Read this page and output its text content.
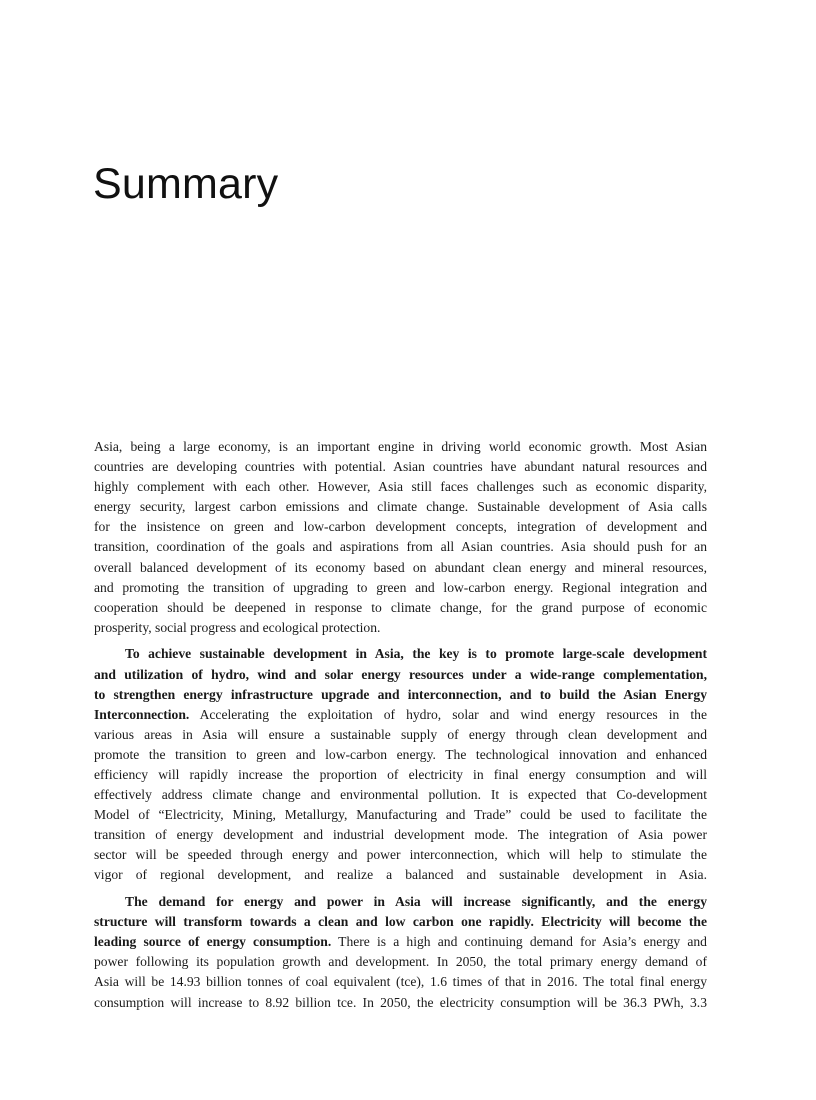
Summary
Asia, being a large economy, is an important engine in driving world economic growth. Most Asian
countries are developing countries with potential. Asian countries have abundant natural resources and
highly complement with each other. However, Asia still faces challenges such as economic disparity,
energy security, largest carbon emissions and climate change. Sustainable development of Asia calls
for the insistence on green and low-carbon development concepts, integration of development and
transition, coordination of the goals and aspirations from all Asian countries. Asia should push for an
overall balanced development of its economy based on abundant clean energy and mineral resources,
and promoting the transition of upgrading to green and low-carbon energy. Regional integration and
cooperation should be deepened in response to climate change, for the grand purpose of economic
prosperity, social progress and ecological protection.
To achieve sustainable development in Asia, the key is to promote large-scale development
and utilization of hydro, wind and solar energy resources under a wide-range complementation,
to strengthen energy infrastructure upgrade and interconnection, and to build the Asian Energy
Interconnection. Accelerating the exploitation of hydro, solar and wind energy resources in the
various areas in Asia will ensure a sustainable supply of energy through clean development and
promote the transition to green and low-carbon energy. The technological innovation and enhanced
efficiency will rapidly increase the proportion of electricity in final energy consumption and will
effectively address climate change and environmental pollution. It is expected that Co-development
Model of “Electricity, Mining, Metallurgy, Manufacturing and Trade” could be used to facilitate the
transition of energy development and industrial development mode. The integration of Asia power
sector will be speeded through energy and power interconnection, which will help to stimulate the
vigor of regional development, and realize a balanced and sustainable development in Asia.
The demand for energy and power in Asia will increase significantly, and the energy
structure will transform towards a clean and low carbon one rapidly. Electricity will become the
leading source of energy consumption. There is a high and continuing demand for Asia’s energy and
power following its population growth and development. In 2050, the total primary energy demand of
Asia will be 14.93 billion tonnes of coal equivalent (tce), 1.6 times of that in 2016. The total final energy
consumption will increase to 8.92 billion tce. In 2050, the electricity consumption will be 36.3 PWh, 3.3
